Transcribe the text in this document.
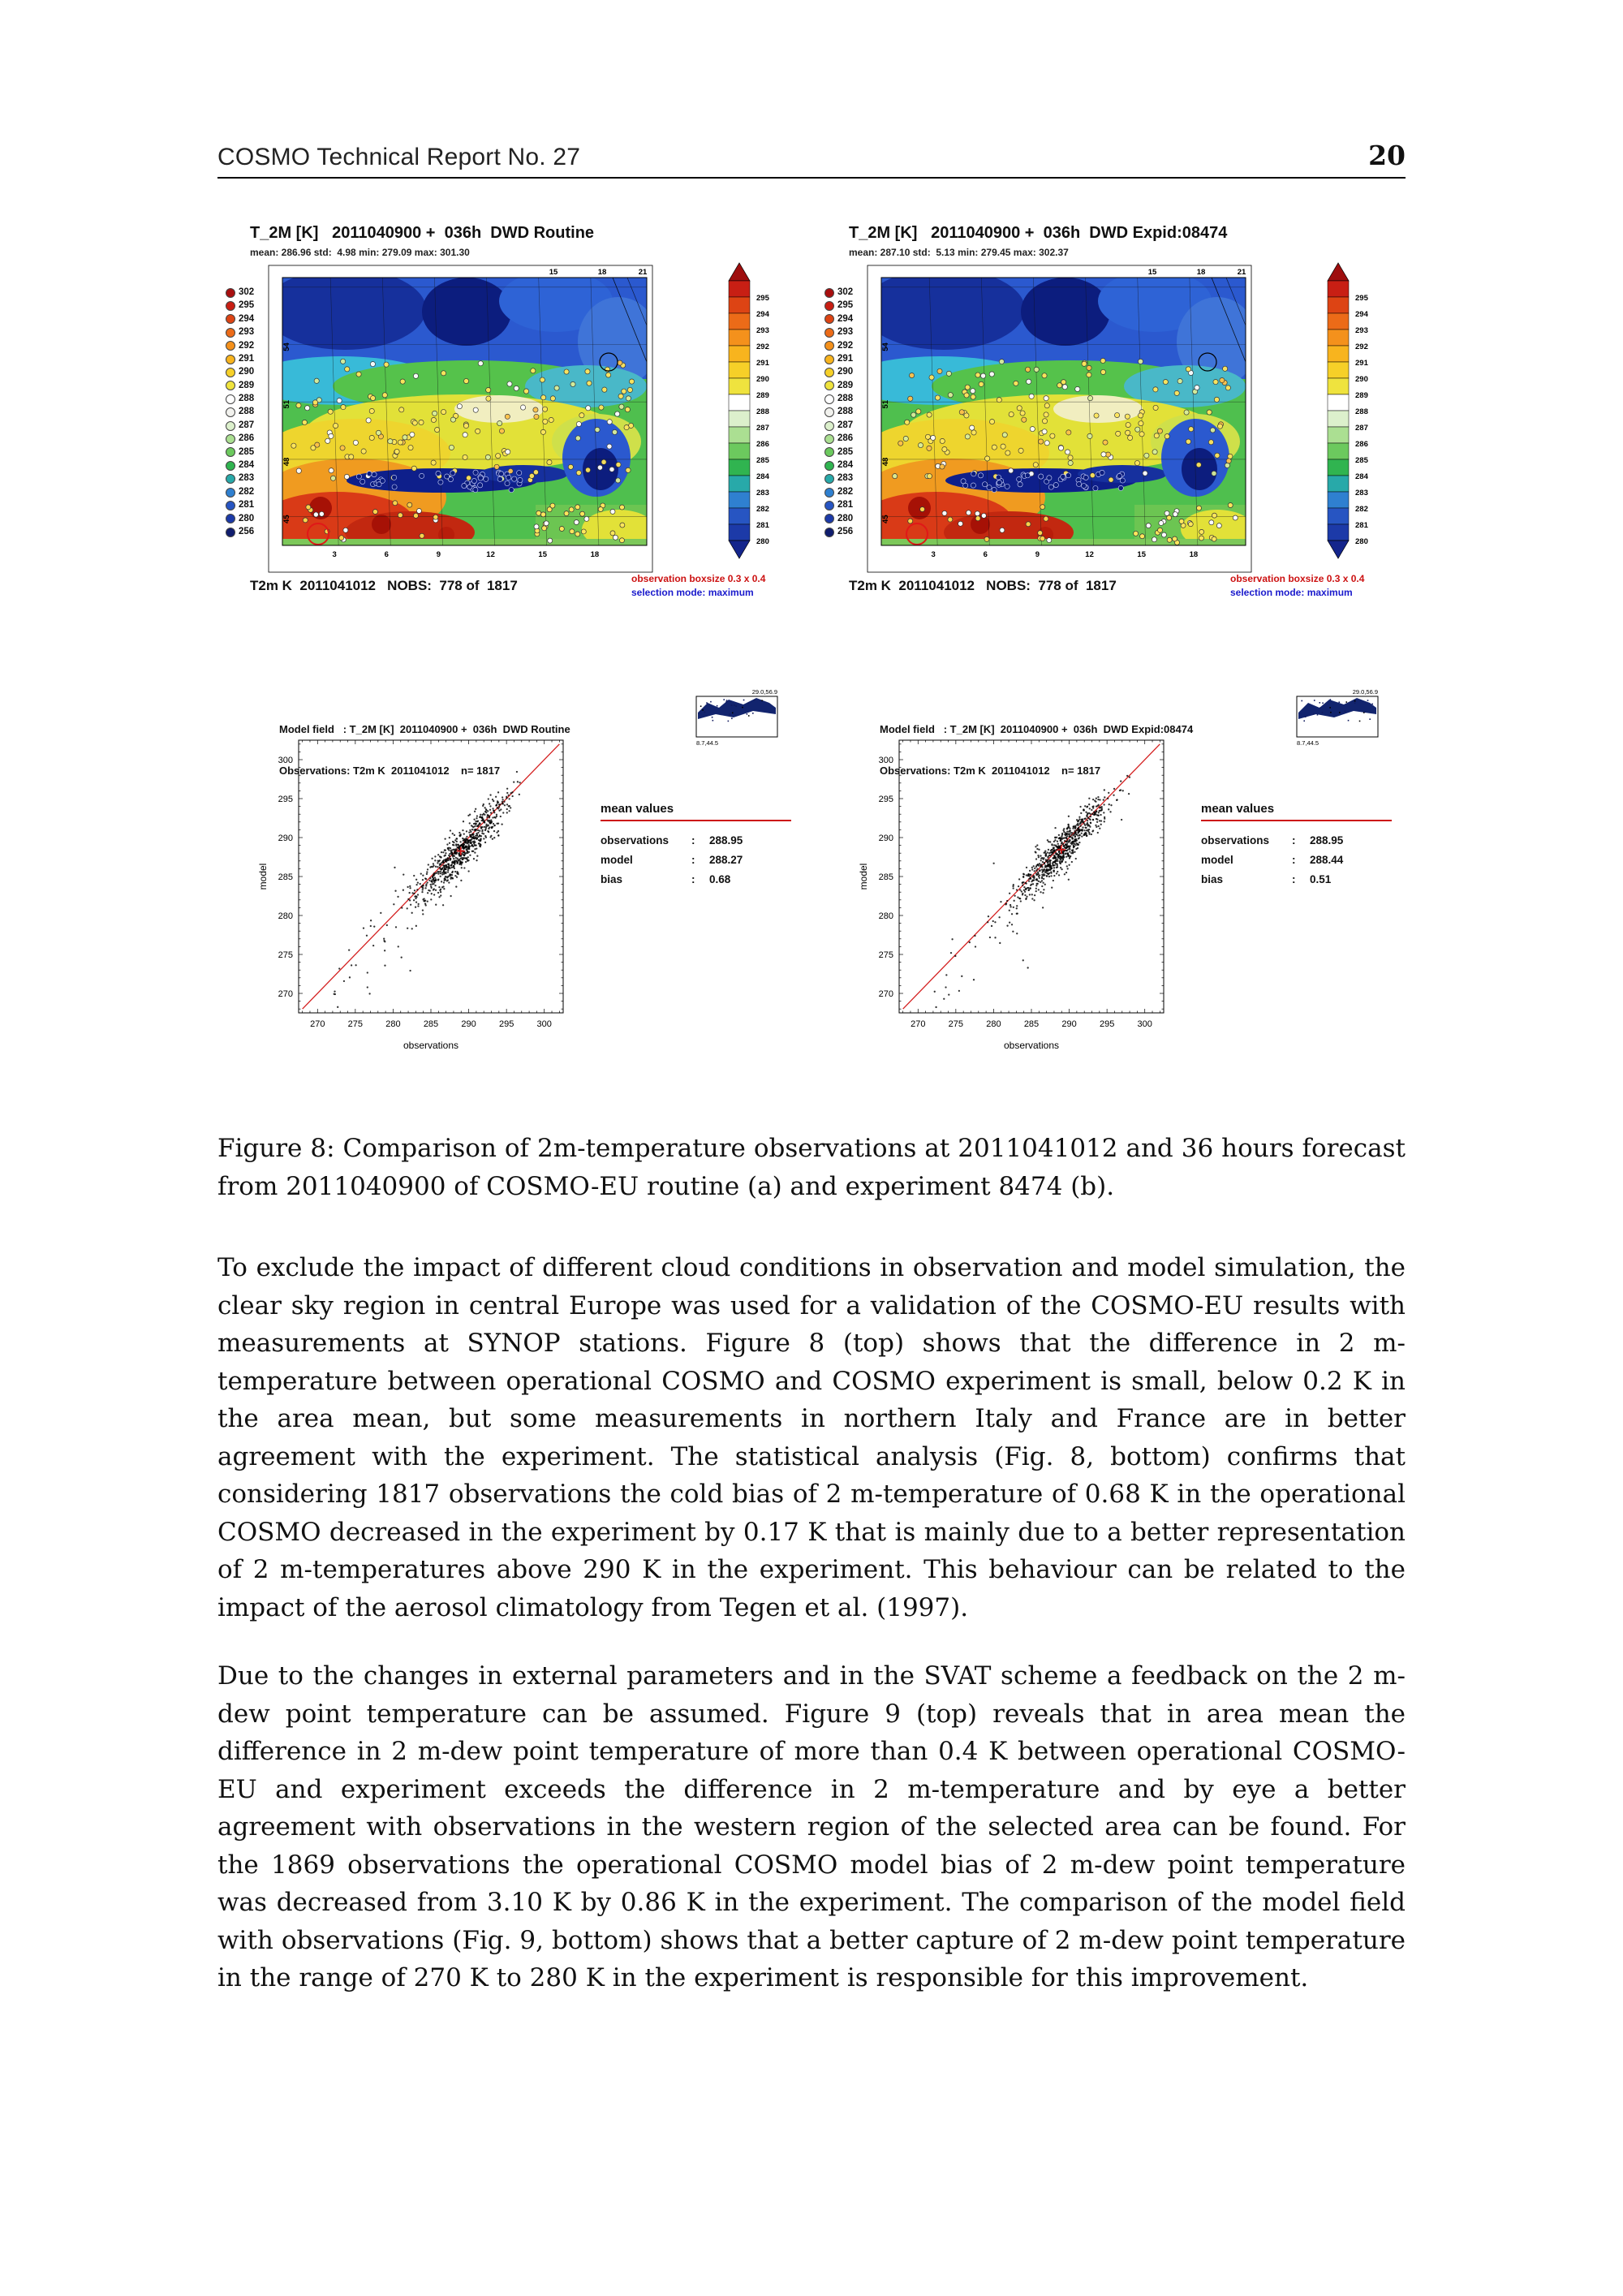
COSMO Technical Report No. 27	20
T_2M [K]   2011040900 +  036h  DWD Routine
mean: 286.96 std:  4.98 min: 279.09 max: 301.30
302
295
294
293
292
291
290
289
288
288
287
286
285
284
283
282
281
280
256
3	6	9	12	15	18
54
51
48
45
15	18	21
295
294
293
292
291
290
289
288
287
286
285
284
283
282
281
280
T2m K  2011041012   NOBS:  778 of  1817	observation boxsize 0.3 x 0.4
selection mode: maximum
T_2M [K]   2011040900 +  036h  DWD Expid:08474
mean: 287.10 std:  5.13 min: 279.45 max: 302.37
302
295
294
293
292
291
290
289
288
288
287
286
285
284
283
282
281
280
256
3	6	9	12	15	18
54
51
48
45
15	18	21
295
294
293
292
291
290
289
288
287
286
285
284
283
282
281
280
T2m K  2011041012   NOBS:  778 of  1817	observation boxsize 0.3 x 0.4
selection mode: maximum

Model field   : T_2M [K]  2011040900 +  036h  DWD Routine

Observations: T2m K  2011041012    n= 1817

270	275	280	285	290	295	300
270
275
280
285
290
295
300
model
observations
29.0,56.9
8.7,44.5
mean values
observations	:	288.95
model	:	288.27
bias	:	0.68

Model field   : T_2M [K]  2011040900 +  036h  DWD Expid:08474

Observations: T2m K  2011041012    n= 1817

270	275	280	285	290	295	300
270
275
280
285
290
295
300
model
observations
29.0,56.9
8.7,44.5
mean values
observations	:	288.95
model	:	288.44
bias	:	0.51

Figure 8: Comparison of 2m-temperature observations at 2011041012 and 36 hours forecast from 2011040900 of COSMO-EU routine (a) and experiment 8474 (b).

To exclude the impact of different cloud conditions in observation and model simulation, the clear sky region in central Europe was used for a validation of the COSMO-EU results with measurements at SYNOP stations. Figure 8 (top) shows that the difference in 2 m-temperature between operational COSMO and COSMO experiment is small, below 0.2 K in the area mean, but some measurements in northern Italy and France are in better agreement with the experiment. The statistical analysis (Fig. 8, bottom) confirms that considering 1817 observations the cold bias of 2 m-temperature of 0.68 K in the operational COSMO decreased in the experiment by 0.17 K that is mainly due to a better representation of 2 m-temperatures above 290 K in the experiment. This behaviour can be related to the impact of the aerosol climatology from Tegen et al. (1997).

Due to the changes in external parameters and in the SVAT scheme a feedback on the 2 m-dew point temperature can be assumed. Figure 9 (top) reveals that in area mean the difference in 2 m-dew point temperature of more than 0.4 K between operational COSMO-EU and experiment exceeds the difference in 2 m-temperature and by eye a better agreement with observations in the western region of the selected area can be found. For the 1869 observations the operational COSMO model bias of 2 m-dew point temperature was decreased from 3.10 K by 0.86 K in the experiment. The comparison of the model field with observations (Fig. 9, bottom) shows that a better capture of 2 m-dew point temperature in the range of 270 K to 280 K in the experiment is responsible for this improvement.
